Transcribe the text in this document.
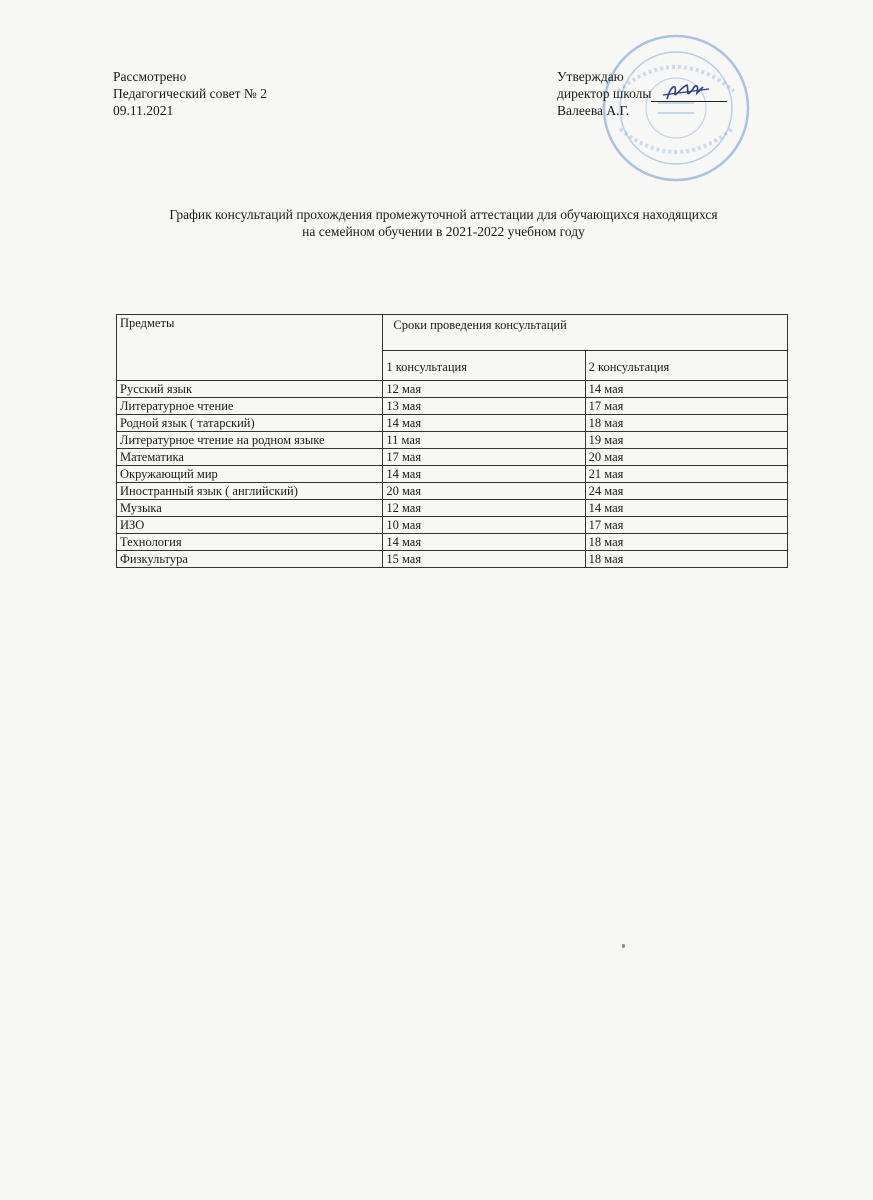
Рассмотрено
Педагогический совет № 2
09.11.2021
Утверждаю
директор школы
Валеева А.Г.
График консультаций прохождения промежуточной аттестации для обучающихся находящихся
на семейном обучении в 2021-2022 учебном году
Предметы	Сроки проведения консультаций	
	1 консультация	2 консультация
Русский язык	12 мая	14 мая
Литературное чтение	13 мая	17 мая
Родной язык ( татарский)	14 мая	18 мая
Литературное чтение на родном языке	11 мая	19 мая
Математика	17 мая	20 мая
Окружающий мир	14 мая	21 мая
Иностранный язык ( английский)	20 мая	24 мая
Музыка	12 мая	14 мая
ИЗО	10 мая	17 мая
Технология	14 мая	18 мая
Физкультура	15 мая	18 мая
